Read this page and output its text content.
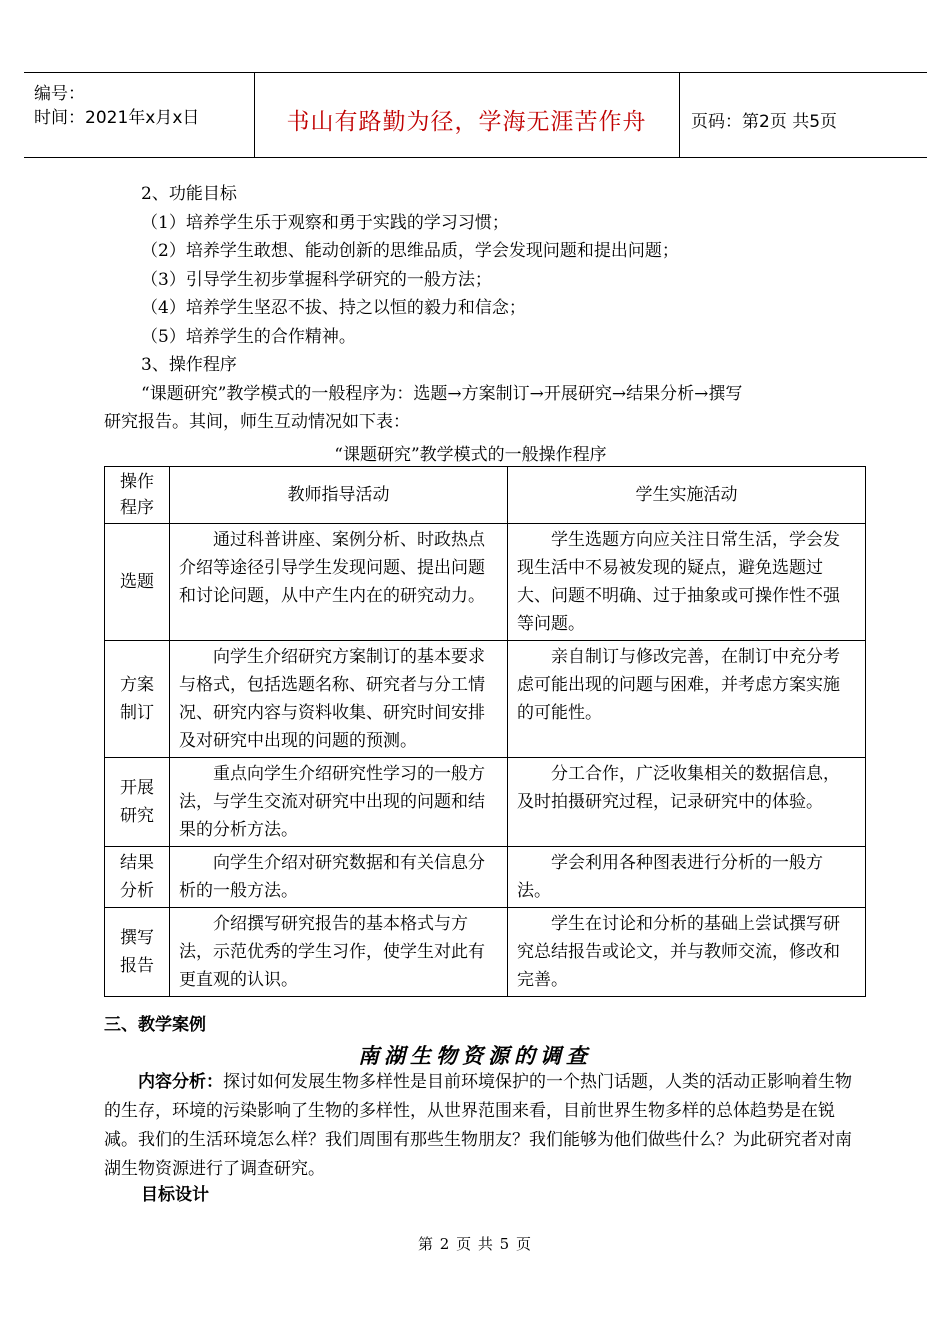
编号：
时间：2021年x月x日	书山有路勤为径，学海无涯苦作舟	页码：第2页 共5页
2、功能目标
（1）培养学生乐于观察和勇于实践的学习习惯；
（2）培养学生敢想、能动创新的思维品质，学会发现问题和提出问题；
（3）引导学生初步掌握科学研究的一般方法；
（4）培养学生坚忍不拔、持之以恒的毅力和信念；
（5）培养学生的合作精神。
3、操作程序
“课题研究”教学模式的一般程序为：选题→方案制订→开展研究→结果分析→撰写
研究报告。其间，师生互动情况如下表：
“课题研究”教学模式的一般操作程序
操作程序	教师指导活动	学生实施活动

选题	通过科普讲座、案例分析、时政热点介绍等途径引导学生发现问题、提出问题和讨论问题，从中产生内在的研究动力。	学生选题方向应关注日常生活，学会发现生活中不易被发现的疑点，避免选题过大、问题不明确、过于抽象或可操作性不强等问题。

方案制订	向学生介绍研究方案制订的基本要求与格式，包括选题名称、研究者与分工情况、研究内容与资料收集、研究时间安排及对研究中出现的问题的预测。	亲自制订与修改完善，在制订中充分考虑可能出现的问题与困难，并考虑方案实施的可能性。

开展研究	重点向学生介绍研究性学习的一般方法，与学生交流对研究中出现的问题和结果的分析方法。	分工合作，广泛收集相关的数据信息，及时拍摄研究过程，记录研究中的体验。

结果分析	向学生介绍对研究数据和有关信息分析的一般方法。	学会利用各种图表进行分析的一般方法。

撰写报告	介绍撰写研究报告的基本格式与方法，示范优秀的学生习作，使学生对此有更直观的认识。	学生在讨论和分析的基础上尝试撰写研究总结报告或论文，并与教师交流，修改和完善。
三、教学案例
南湖生物资源的调查
内容分析：探讨如何发展生物多样性是目前环境保护的一个热门话题，人类的活动正影响着生物的生存，环境的污染影响了生物的多样性，从世界范围来看，目前世界生物多样的总体趋势是在锐减。我们的生活环境怎么样？我们周围有那些生物朋友？我们能够为他们做些什么？为此研究者对南湖生物资源进行了调查研究。
目标设计
第 2 页 共 5 页
